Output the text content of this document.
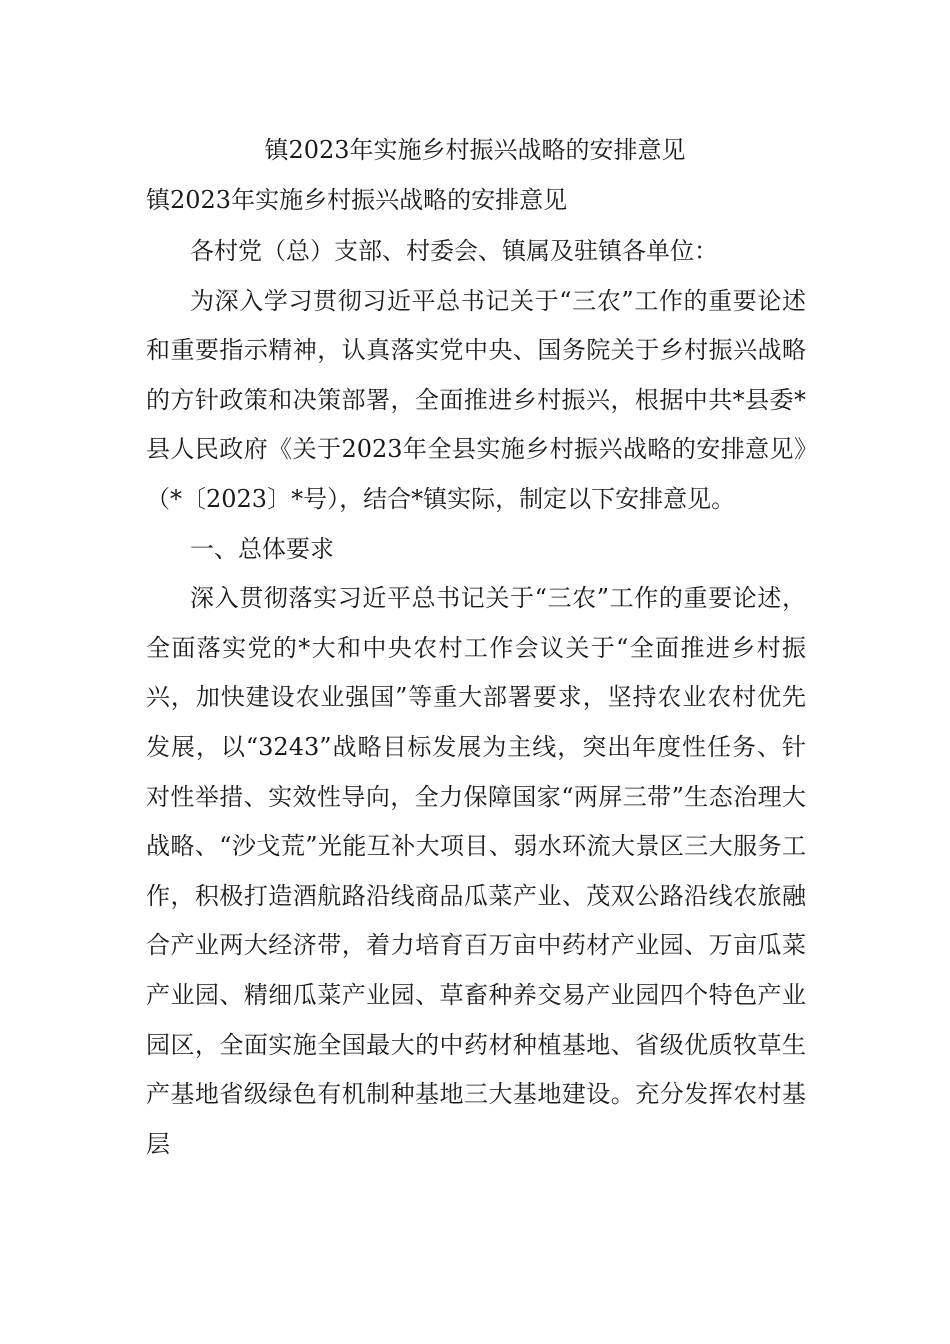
镇2023年实施乡村振兴战略的安排意见
镇2023年实施乡村振兴战略的安排意见

各村党（总）支部、村委会、镇属及驻镇各单位：

为深入学习贯彻习近平总书记关于“三农”工作的重要论述和重要指示精神，认真落实党中央、国务院关于乡村振兴战略的方针政策和决策部署，全面推进乡村振兴，根据中共*县委*县人民政府《关于2023年全县实施乡村振兴战略的安排意见》（*〔2023〕*号），结合*镇实际，制定以下安排意见。

一、总体要求

深入贯彻落实习近平总书记关于“三农”工作的重要论述，全面落实党的*大和中央农村工作会议关于“全面推进乡村振兴，加快建设农业强国”等重大部署要求，坚持农业农村优先发展，以“3243”战略目标发展为主线，突出年度性任务、针对性举措、实效性导向，全力保障国家“两屏三带”生态治理大战略、“沙戈荒”光能互补大项目、弱水环流大景区三大服务工作，积极打造酒航路沿线商品瓜菜产业、茂双公路沿线农旅融合产业两大经济带，着力培育百万亩中药材产业园、万亩瓜菜产业园、精细瓜菜产业园、草畜种养交易产业园四个特色产业园区，全面实施全国最大的中药材种植基地、省级优质牧草生产基地省级绿色有机制种基地三大基地建设。充分发挥农村基层
